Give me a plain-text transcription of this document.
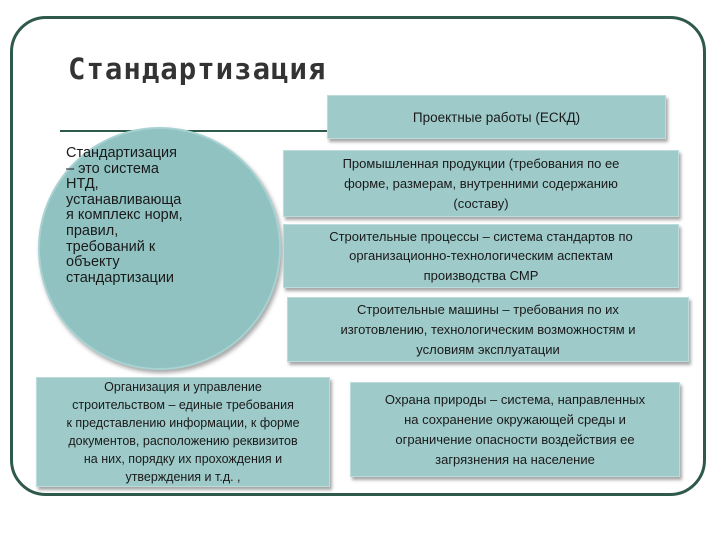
Стандартизация
Стандартизация
– это система
НТД,
устанавливающа
я комплекс норм,
правил,
требований к
объекту
стандартизации
Проектные работы (ЕСКД)
Промышленная продукции (требования по ее
форме, размерам, внутренними содержанию
(составу)
Строительные процессы – система стандартов по
организационно-технологическим аспектам
производства СМР
Строительные машины – требования по их
изготовлению, технологическим возможностям и
условиям эксплуатации
Организация и управление
строительством – единые требования
к представлению информации, к форме
документов, расположению реквизитов
на них, порядку их прохождения и
утверждения и т.д. ,
Охрана природы – система, направленных
на сохранение окружающей среды и
ограничение опасности воздействия ее
загрязнения на население
